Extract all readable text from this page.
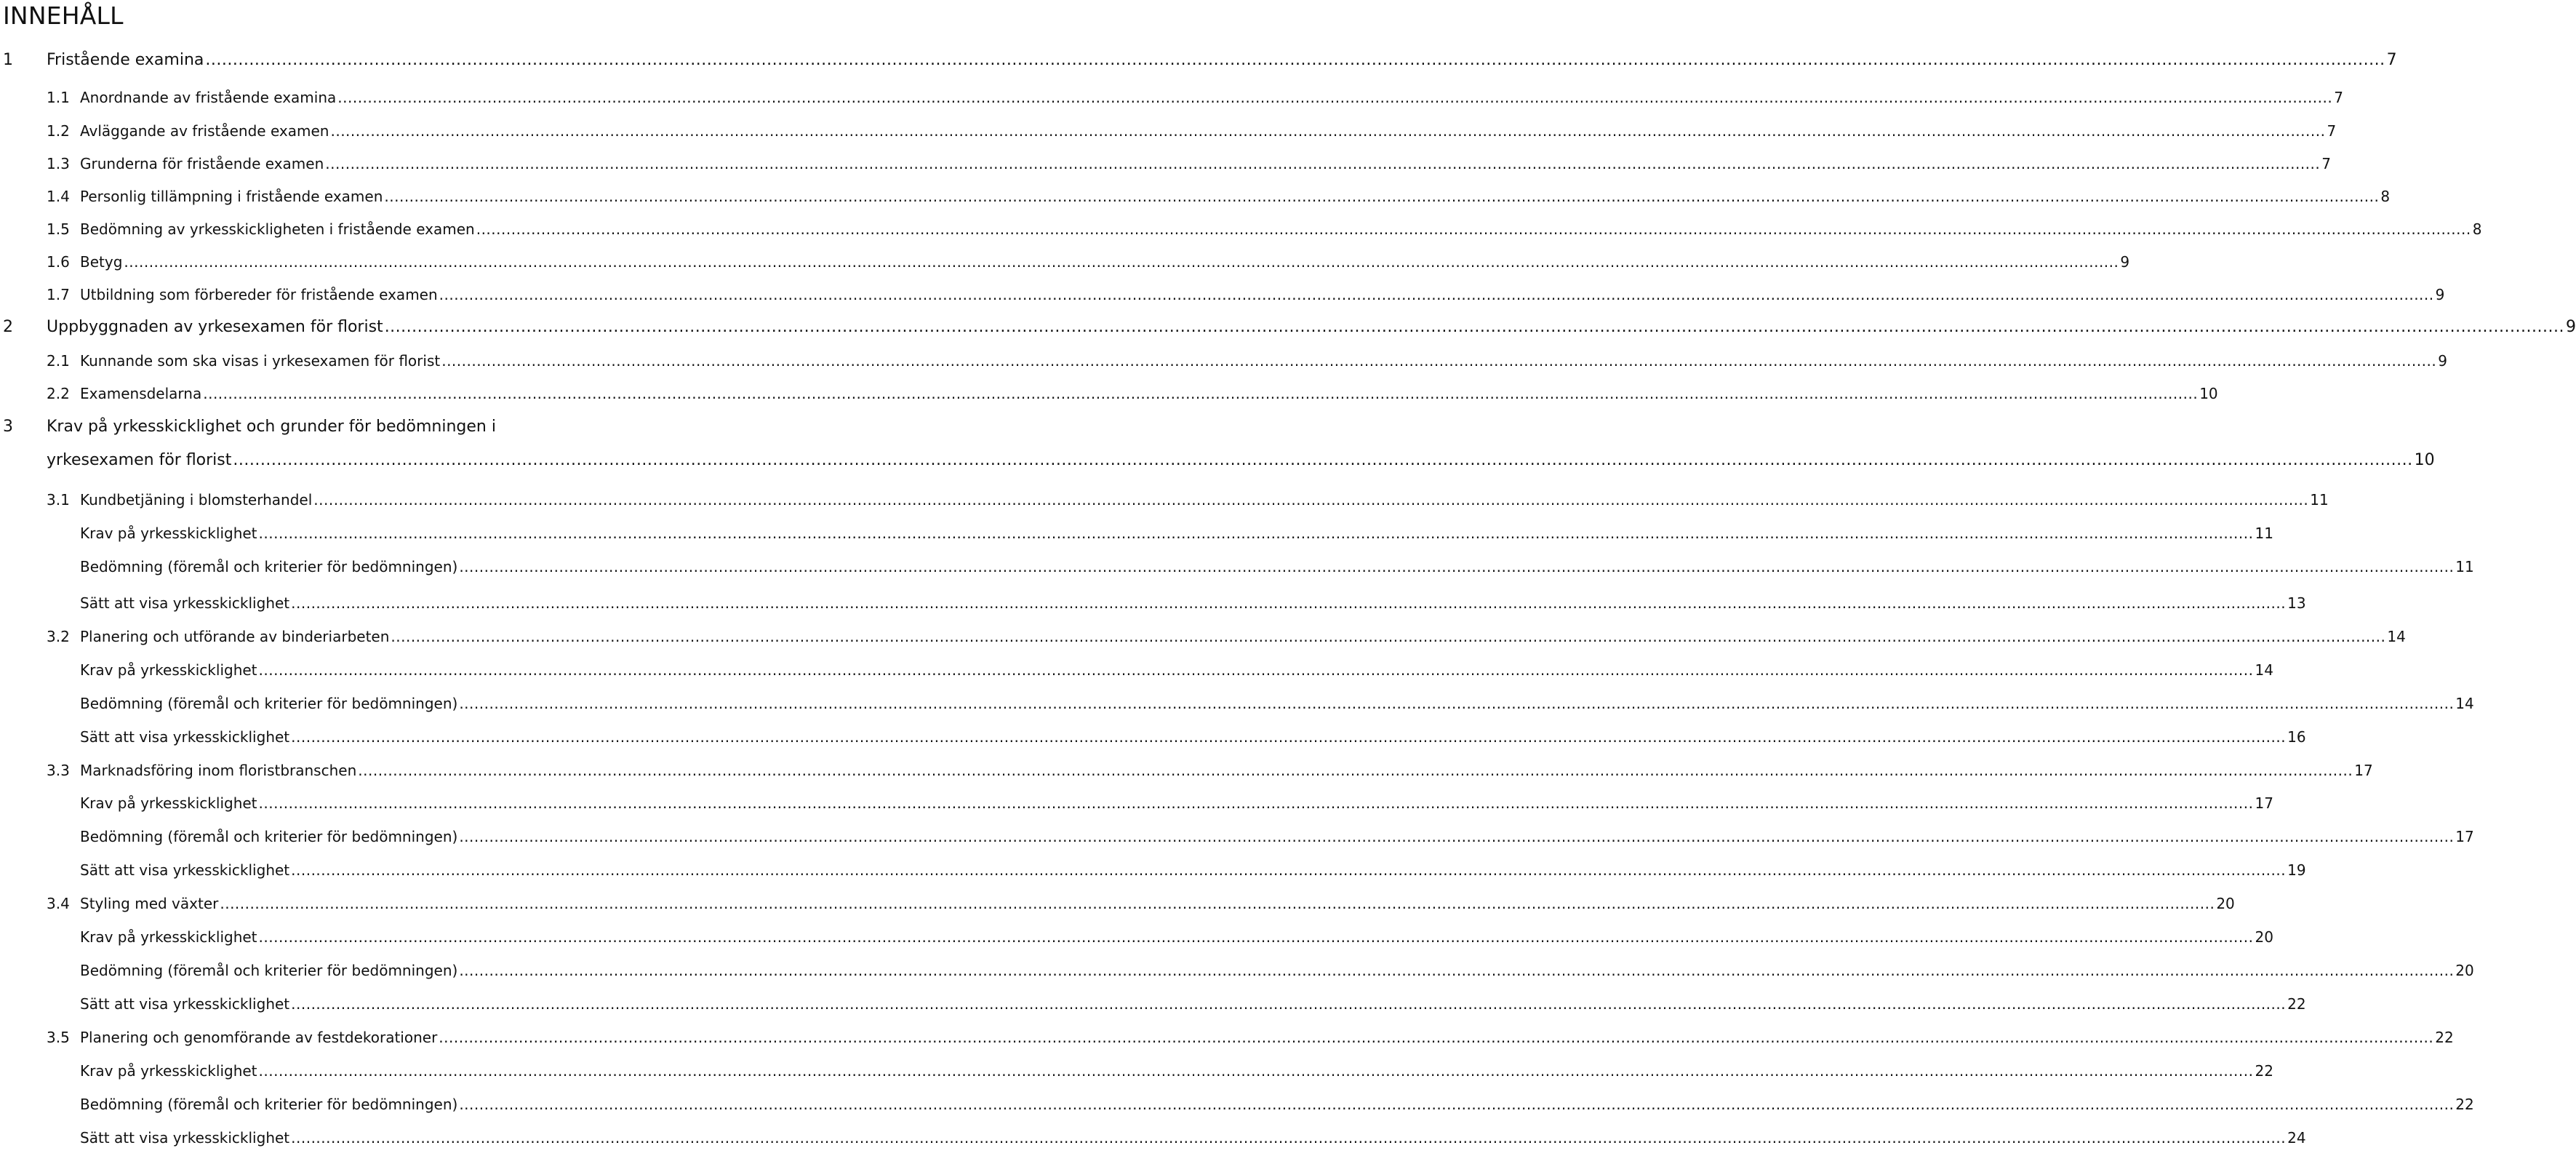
INNEHÅLL
1 Fristående examina ................................................................................................................................................................................................................................................................................................................................................................................................................ 7
1.1 Anordnande av fristående examina ................................................................................................................................................................................................................................................................................................................................................................................................................ 7
1.2 Avläggande av fristående examen ................................................................................................................................................................................................................................................................................................................................................................................................................ 7
1.3 Grunderna för fristående examen ................................................................................................................................................................................................................................................................................................................................................................................................................ 7
1.4 Personlig tillämpning i fristående examen ................................................................................................................................................................................................................................................................................................................................................................................................................ 8
1.5 Bedömning av yrkesskickligheten i fristående examen ................................................................................................................................................................................................................................................................................................................................................................................................................ 8
1.6 Betyg ................................................................................................................................................................................................................................................................................................................................................................................................................ 9
1.7 Utbildning som förbereder för fristående examen ................................................................................................................................................................................................................................................................................................................................................................................................................ 9
2 Uppbyggnaden av yrkesexamen för florist ................................................................................................................................................................................................................................................................................................................................................................................................................ 9
2.1 Kunnande som ska visas i yrkesexamen för florist ................................................................................................................................................................................................................................................................................................................................................................................................................ 9
2.2 Examensdelarna ................................................................................................................................................................................................................................................................................................................................................................................................................ 10
3 Krav på yrkesskicklighet och grunder för bedömningen i
yrkesexamen för florist ................................................................................................................................................................................................................................................................................................................................................................................................................ 10
3.1 Kundbetjäning i blomsterhandel ................................................................................................................................................................................................................................................................................................................................................................................................................ 11
Krav på yrkesskicklighet ................................................................................................................................................................................................................................................................................................................................................................................................................ 11
Bedömning (föremål och kriterier för bedömningen) ................................................................................................................................................................................................................................................................................................................................................................................................................ 11
Sätt att visa yrkesskicklighet ................................................................................................................................................................................................................................................................................................................................................................................................................ 13
3.2 Planering och utförande av binderiarbeten ................................................................................................................................................................................................................................................................................................................................................................................................................ 14
Krav på yrkesskicklighet ................................................................................................................................................................................................................................................................................................................................................................................................................ 14
Bedömning (föremål och kriterier för bedömningen) ................................................................................................................................................................................................................................................................................................................................................................................................................ 14
Sätt att visa yrkesskicklighet ................................................................................................................................................................................................................................................................................................................................................................................................................ 16
3.3 Marknadsföring inom floristbranschen ................................................................................................................................................................................................................................................................................................................................................................................................................ 17
Krav på yrkesskicklighet ................................................................................................................................................................................................................................................................................................................................................................................................................ 17
Bedömning (föremål och kriterier för bedömningen) ................................................................................................................................................................................................................................................................................................................................................................................................................ 17
Sätt att visa yrkesskicklighet ................................................................................................................................................................................................................................................................................................................................................................................................................ 19
3.4 Styling med växter ................................................................................................................................................................................................................................................................................................................................................................................................................ 20
Krav på yrkesskicklighet ................................................................................................................................................................................................................................................................................................................................................................................................................ 20
Bedömning (föremål och kriterier för bedömningen) ................................................................................................................................................................................................................................................................................................................................................................................................................ 20
Sätt att visa yrkesskicklighet ................................................................................................................................................................................................................................................................................................................................................................................................................ 22
3.5 Planering och genomförande av festdekorationer ................................................................................................................................................................................................................................................................................................................................................................................................................ 22
Krav på yrkesskicklighet ................................................................................................................................................................................................................................................................................................................................................................................................................ 22
Bedömning (föremål och kriterier för bedömningen) ................................................................................................................................................................................................................................................................................................................................................................................................................ 22
Sätt att visa yrkesskicklighet ................................................................................................................................................................................................................................................................................................................................................................................................................ 24
